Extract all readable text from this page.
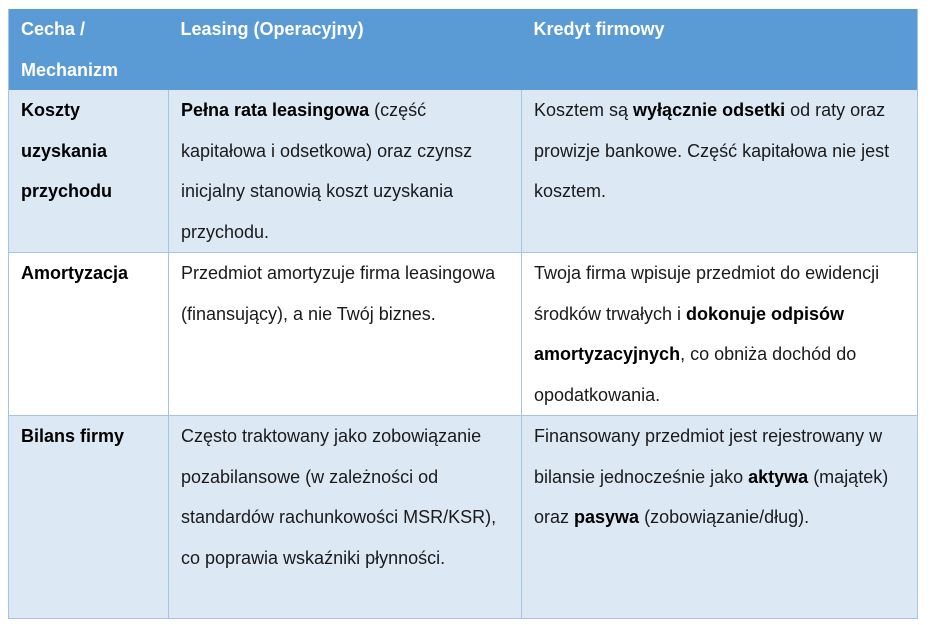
Cecha / Mechanizm	Leasing (Operacyjny)	Kredyt firmowy
Koszty uzyskania przychodu	Pełna rata leasingowa (część kapitałowa i odsetkowa) oraz czynsz inicjalny stanowią koszt uzyskania przychodu.	Kosztem są wyłącznie odsetki od raty oraz prowizje bankowe. Część kapitałowa nie jest kosztem.
Amortyzacja	Przedmiot amortyzuje firma leasingowa (finansujący), a nie Twój biznes.	Twoja firma wpisuje przedmiot do ewidencji środków trwałych i dokonuje odpisów amortyzacyjnych, co obniża dochód do opodatkowania.
Bilans firmy	Często traktowany jako zobowiązanie pozabilansowe (w zależności od standardów rachunkowości MSR/KSR), co poprawia wskaźniki płynności.	Finansowany przedmiot jest rejestrowany w bilansie jednocześnie jako aktywa (majątek) oraz pasywa (zobowiązanie/dług).
